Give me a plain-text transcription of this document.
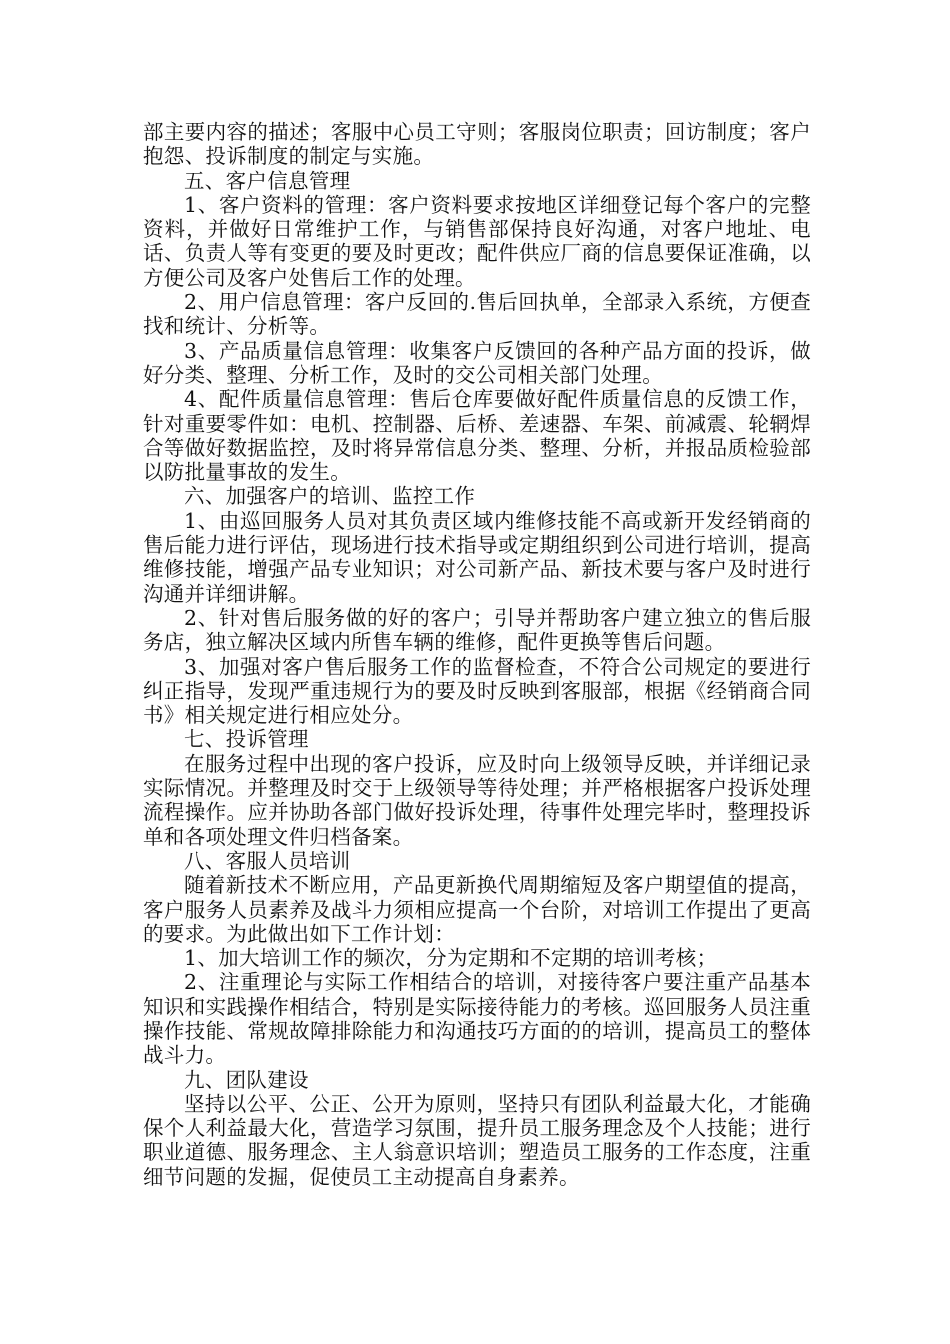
部主要内容的描述；客服中心员工守则；客服岗位职责；回访制度；客户抱怨、投诉制度的制定与实施。

五、客户信息管理

1、客户资料的管理：客户资料要求按地区详细登记每个客户的完整资料，并做好日常维护工作，与销售部保持良好沟通，对客户地址、电话、负责人等有变更的要及时更改；配件供应厂商的信息要保证准确，以方便公司及客户处售后工作的处理。

2、用户信息管理：客户反回的.售后回执单，全部录入系统，方便查找和统计、分析等。

3、产品质量信息管理：收集客户反馈回的各种产品方面的投诉，做好分类、整理、分析工作，及时的交公司相关部门处理。

4、配件质量信息管理：售后仓库要做好配件质量信息的反馈工作，针对重要零件如：电机、控制器、后桥、差速器、车架、前减震、轮辋焊合等做好数据监控，及时将异常信息分类、整理、分析，并报品质检验部以防批量事故的发生。

六、加强客户的培训、监控工作

1、由巡回服务人员对其负责区域内维修技能不高或新开发经销商的售后能力进行评估，现场进行技术指导或定期组织到公司进行培训，提高维修技能，增强产品专业知识；对公司新产品、新技术要与客户及时进行沟通并详细讲解。

2、针对售后服务做的好的客户；引导并帮助客户建立独立的售后服务店，独立解决区域内所售车辆的维修，配件更换等售后问题。

3、加强对客户售后服务工作的监督检查，不符合公司规定的要进行纠正指导，发现严重违规行为的要及时反映到客服部，根据《经销商合同书》相关规定进行相应处分。

七、投诉管理

在服务过程中出现的客户投诉，应及时向上级领导反映，并详细记录实际情况。并整理及时交于上级领导等待处理；并严格根据客户投诉处理流程操作。应并协助各部门做好投诉处理，待事件处理完毕时，整理投诉单和各项处理文件归档备案。

八、客服人员培训

随着新技术不断应用，产品更新换代周期缩短及客户期望值的提高，客户服务人员素养及战斗力须相应提高一个台阶，对培训工作提出了更高的要求。为此做出如下工作计划：

1、加大培训工作的频次，分为定期和不定期的培训考核；

2、注重理论与实际工作相结合的培训，对接待客户要注重产品基本知识和实践操作相结合，特别是实际接待能力的考核。巡回服务人员注重操作技能、常规故障排除能力和沟通技巧方面的的培训，提高员工的整体战斗力。

九、团队建设

坚持以公平、公正、公开为原则，坚持只有团队利益最大化，才能确保个人利益最大化，营造学习氛围，提升员工服务理念及个人技能；进行职业道德、服务理念、主人翁意识培训；塑造员工服务的工作态度，注重细节问题的发掘，促使员工主动提高自身素养。
